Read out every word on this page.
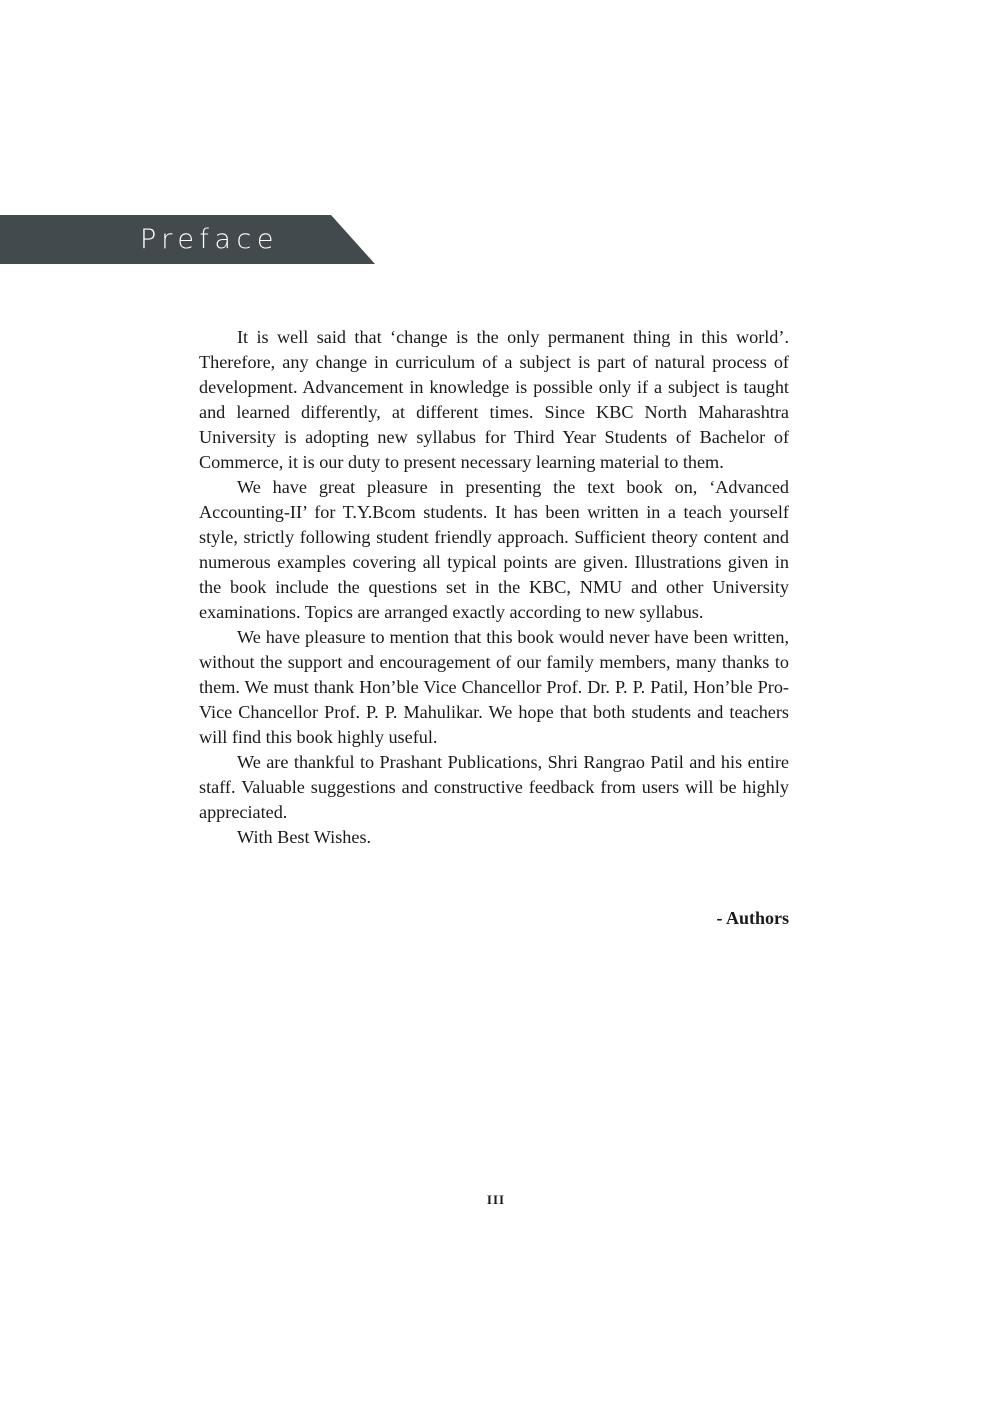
Preface

It is well said that ‘change is the only permanent thing in this world’. Therefore, any change in curriculum of a subject is part of natural process of development. Advancement in knowledge is possible only if a subject is taught and learned differently, at different times. Since KBC North Maharashtra University is adopting new syllabus for Third Year Students of Bachelor of Commerce, it is our duty to present necessary learning material to them.

We have great pleasure in presenting the text book on, ‘Advanced Accounting-II’ for T.Y.Bcom students. It has been written in a teach yourself style, strictly following student friendly approach. Sufficient theory content and numerous examples covering all typical points are given. Illustrations given in the book include the questions set in the KBC, NMU and other University examinations. Topics are arranged exactly according to new syllabus.

We have pleasure to mention that this book would never have been written, without the support and encouragement of our family members, many thanks to them. We must thank Hon’ble Vice Chancellor Prof. Dr. P. P. Patil, Hon’ble Pro-Vice Chancellor Prof. P. P. Mahulikar. We hope that both students and teachers will find this book highly useful.

We are thankful to Prashant Publications, Shri Rangrao Patil and his entire staff. Valuable suggestions and constructive feedback from users will be highly appreciated.

With Best Wishes.

- Authors
III
